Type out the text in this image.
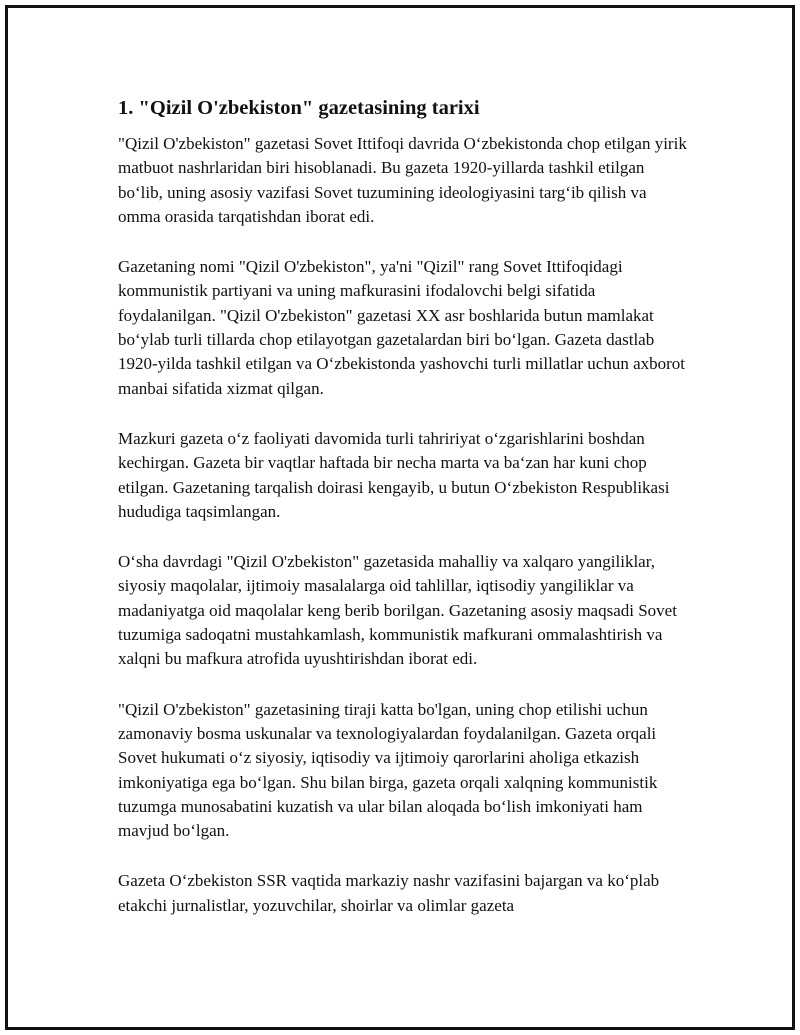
1. "Qizil O'zbekiston" gazetasining tarixi

"Qizil O'zbekiston" gazetasi Sovet Ittifoqi davrida O‘zbekistonda chop etilgan yirik matbuot nashrlaridan biri hisoblanadi. Bu gazeta 1920-yillarda tashkil etilgan bo‘lib, uning asosiy vazifasi Sovet tuzumining ideologiyasini targ‘ib qilish va omma orasida tarqatishdan iborat edi.

Gazetaning nomi "Qizil O'zbekiston", ya'ni "Qizil" rang Sovet Ittifoqidagi kommunistik partiyani va uning mafkurasini ifodalovchi belgi sifatida foydalanilgan. "Qizil O'zbekiston" gazetasi XX asr boshlarida butun mamlakat bo‘ylab turli tillarda chop etilayotgan gazetalardan biri bo‘lgan. Gazeta dastlab 1920-yilda tashkil etilgan va O‘zbekistonda yashovchi turli millatlar uchun axborot manbai sifatida xizmat qilgan.

Mazkuri gazeta o‘z faoliyati davomida turli tahririyat o‘zgarishlarini boshdan kechirgan. Gazeta bir vaqtlar haftada bir necha marta va ba‘zan har kuni chop etilgan. Gazetaning tarqalish doirasi kengayib, u butun O‘zbekiston Respublikasi hududiga taqsimlangan.

O‘sha davrdagi "Qizil O'zbekiston" gazetasida mahalliy va xalqaro yangiliklar, siyosiy maqolalar, ijtimoiy masalalarga oid tahlillar, iqtisodiy yangiliklar va madaniyatga oid maqolalar keng berib borilgan. Gazetaning asosiy maqsadi Sovet tuzumiga sadoqatni mustahkamlash, kommunistik mafkurani ommalashtirish va xalqni bu mafkura atrofida uyushtirishdan iborat edi.

"Qizil O'zbekiston" gazetasining tiraji katta bo'lgan, uning chop etilishi uchun zamonaviy bosma uskunalar va texnologiyalardan foydalanilgan. Gazeta orqali Sovet hukumati o‘z siyosiy, iqtisodiy va ijtimoiy qarorlarini aholiga etkazish imkoniyatiga ega bo‘lgan. Shu bilan birga, gazeta orqali xalqning kommunistik tuzumga munosabatini kuzatish va ular bilan aloqada bo‘lish imkoniyati ham mavjud bo‘lgan.

Gazeta O‘zbekiston SSR vaqtida markaziy nashr vazifasini bajargan va ko‘plab etakchi jurnalistlar, yozuvchilar, shoirlar va olimlar gazeta
